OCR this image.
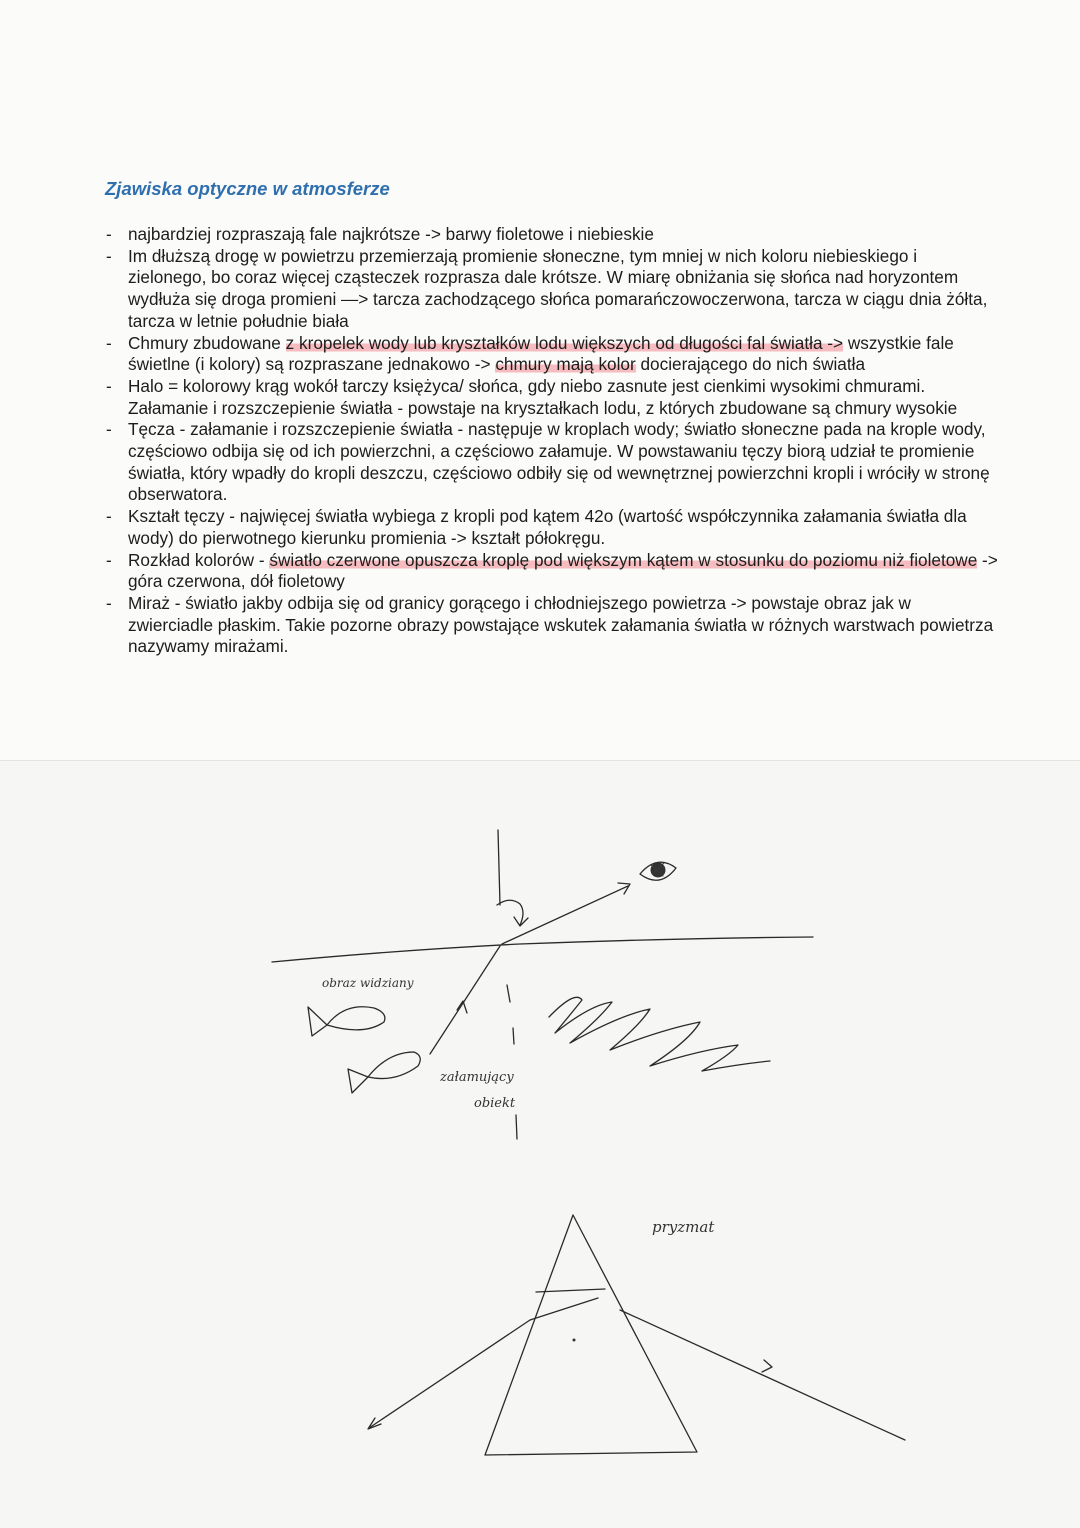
Zjawiska optyczne w atmosferze
- najbardziej rozpraszają fale najkrótsze -> barwy fioletowe i niebieskie
- Im dłuższą drogę w powietrzu przemierzają promienie słoneczne, tym mniej w nich koloru niebieskiego i zielonego, bo coraz więcej cząsteczek rozprasza dale krótsze. W miarę obniżania się słońca nad horyzontem wydłuża się droga promieni —> tarcza zachodzącego słońca pomarańczowoczerwona, tarcza w ciągu dnia żółta, tarcza w letnie południe biała
- Chmury zbudowane z kropelek wody lub kryształków lodu większych od długości fal światła -> wszystkie fale świetlne (i kolory) są rozpraszane jednakowo -> chmury mają kolor docierającego do nich światła
- Halo = kolorowy krąg wokół tarczy księżyca/ słońca, gdy niebo zasnute jest cienkimi wysokimi chmurami. Załamanie i rozszczepienie światła - powstaje na kryształkach lodu, z których zbudowane są chmury wysokie
- Tęcza - załamanie i rozszczepienie światła - następuje w kroplach wody; światło słoneczne pada na krople wody, częściowo odbija się od ich powierzchni, a częściowo załamuje. W powstawaniu tęczy biorą udział te promienie światła, który wpadły do kropli deszczu, częściowo odbiły się od wewnętrznej powierzchni kropli i wróciły w stronę obserwatora.
- Kształt tęczy - najwięcej światła wybiega z kropli pod kątem 42o (wartość współczynnika załamania światła dla wody) do pierwotnego kierunku promienia -> kształt półokręgu.
- Rozkład kolorów - światło czerwone opuszcza kroplę pod większym kątem w stosunku do poziomu niż fioletowe -> góra czerwona, dół fioletowy
- Miraż - światło jakby odbija się od granicy gorącego i chłodniejszego powietrza -> powstaje obraz jak w zwierciadle płaskim. Takie pozorne obrazy powstające wskutek załamania światła w różnych warstwach powietrza nazywamy mirażami.
obraz widziany
załamujący
obiekt
pryzmat
